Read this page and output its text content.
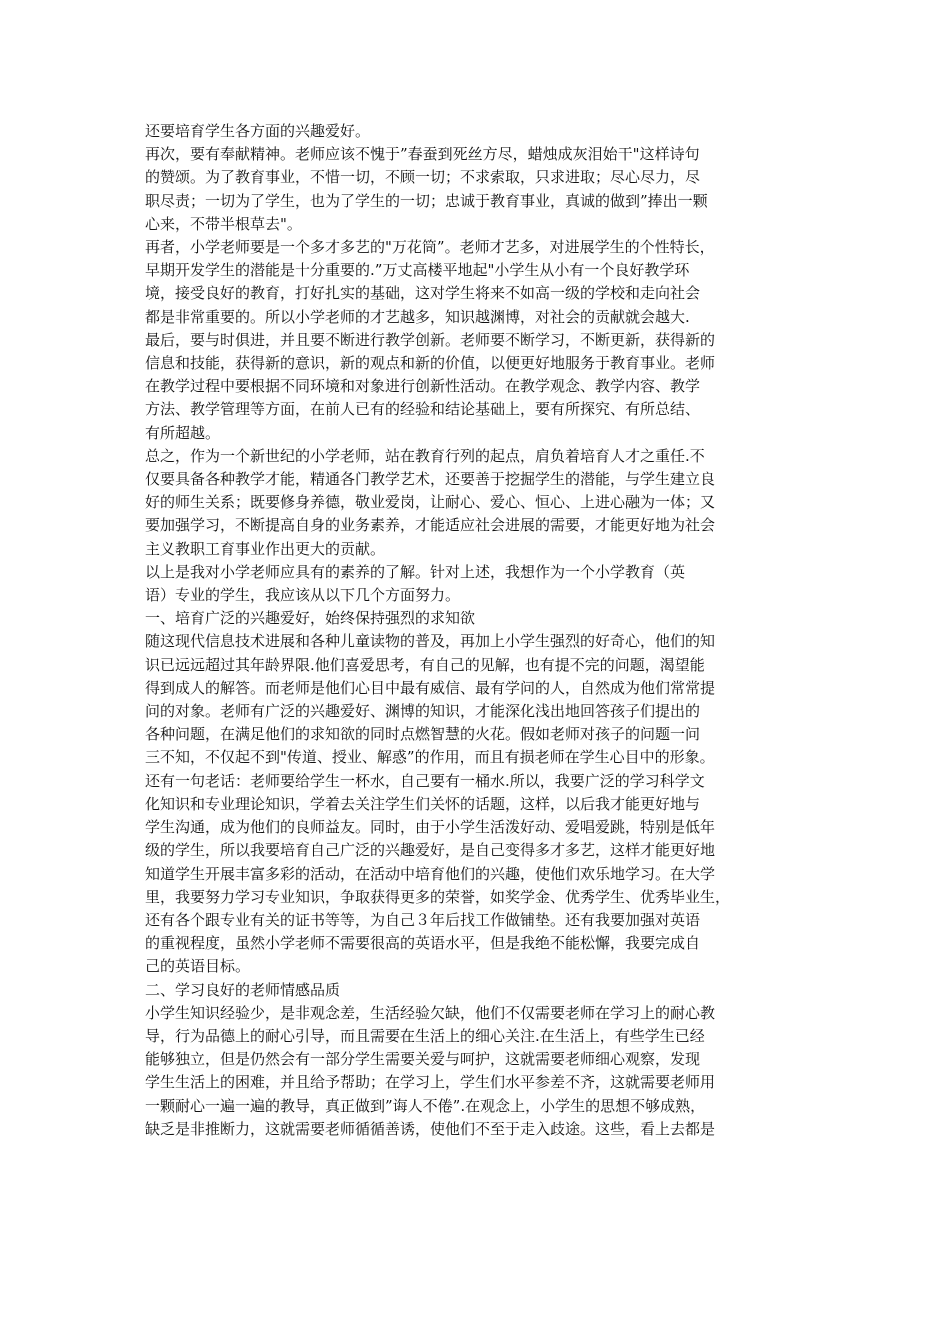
还要培育学生各方面的兴趣爱好。
再次，要有奉献精神。老师应该不愧于”春蚕到死丝方尽，蜡烛成灰泪始干"这样诗句
的赞颂。为了教育事业，不惜一切，不顾一切；不求索取，只求进取；尽心尽力，尽
职尽责；一切为了学生，也为了学生的一切；忠诚于教育事业，真诚的做到”捧出一颗
心来，不带半根草去"。
再者，小学老师要是一个多才多艺的"万花筒”。老师才艺多，对进展学生的个性特长，
早期开发学生的潜能是十分重要的.”万丈高楼平地起"小学生从小有一个良好教学环
境，接受良好的教育，打好扎实的基础，这对学生将来不如高一级的学校和走向社会
都是非常重要的。所以小学老师的才艺越多，知识越渊博，对社会的贡献就会越大.
最后，要与时俱进，并且要不断进行教学创新。老师要不断学习，不断更新，获得新的
信息和技能，获得新的意识，新的观点和新的价值，以便更好地服务于教育事业。老师
在教学过程中要根据不同环境和对象进行创新性活动。在教学观念、教学内容、教学
方法、教学管理等方面，在前人已有的经验和结论基础上，要有所探究、有所总结、
有所超越。
总之，作为一个新世纪的小学老师，站在教育行列的起点，肩负着培育人才之重任.不
仅要具备各种教学才能，精通各门教学艺术，还要善于挖掘学生的潜能，与学生建立良
好的师生关系；既要修身养德，敬业爱岗，让耐心、爱心、恒心、上进心融为一体；又
要加强学习，不断提高自身的业务素养，才能适应社会进展的需要，才能更好地为社会
主义教职工育事业作出更大的贡献。
以上是我对小学老师应具有的素养的了解。针对上述，我想作为一个小学教育（英
语）专业的学生，我应该从以下几个方面努力。
一、培育广泛的兴趣爱好，始终保持强烈的求知欲
随这现代信息技术进展和各种儿童读物的普及，再加上小学生强烈的好奇心，他们的知
识已远远超过其年龄界限.他们喜爱思考，有自己的见解，也有提不完的问题，渴望能
得到成人的解答。而老师是他们心目中最有威信、最有学问的人，自然成为他们常常提
问的对象。老师有广泛的兴趣爱好、渊博的知识，才能深化浅出地回答孩子们提出的
各种问题，在满足他们的求知欲的同时点燃智慧的火花。假如老师对孩子的问题一问
三不知，不仅起不到"传道、授业、解惑”的作用，而且有损老师在学生心目中的形象。
还有一句老话：老师要给学生一杯水，自己要有一桶水.所以，我要广泛的学习科学文
化知识和专业理论知识，学着去关注学生们关怀的话题，这样，以后我才能更好地与
学生沟通，成为他们的良师益友。同时，由于小学生活泼好动、爱唱爱跳，特别是低年
级的学生，所以我要培育自己广泛的兴趣爱好，是自己变得多才多艺，这样才能更好地
知道学生开展丰富多彩的活动，在活动中培育他们的兴趣，使他们欢乐地学习。在大学
里，我要努力学习专业知识，争取获得更多的荣誉，如奖学金、优秀学生、优秀毕业生，
还有各个跟专业有关的证书等等，为自己３年后找工作做铺垫。还有我要加强对英语
的重视程度，虽然小学老师不需要很高的英语水平，但是我绝不能松懈，我要完成自
己的英语目标。
二、学习良好的老师情感品质
小学生知识经验少，是非观念差，生活经验欠缺，他们不仅需要老师在学习上的耐心教
导，行为品德上的耐心引导，而且需要在生活上的细心关注.在生活上，有些学生已经
能够独立，但是仍然会有一部分学生需要关爱与呵护，这就需要老师细心观察，发现
学生生活上的困难，并且给予帮助；在学习上，学生们水平参差不齐，这就需要老师用
一颗耐心一遍一遍的教导，真正做到”诲人不倦”.在观念上，小学生的思想不够成熟，
缺乏是非推断力，这就需要老师循循善诱，使他们不至于走入歧途。这些，看上去都是
